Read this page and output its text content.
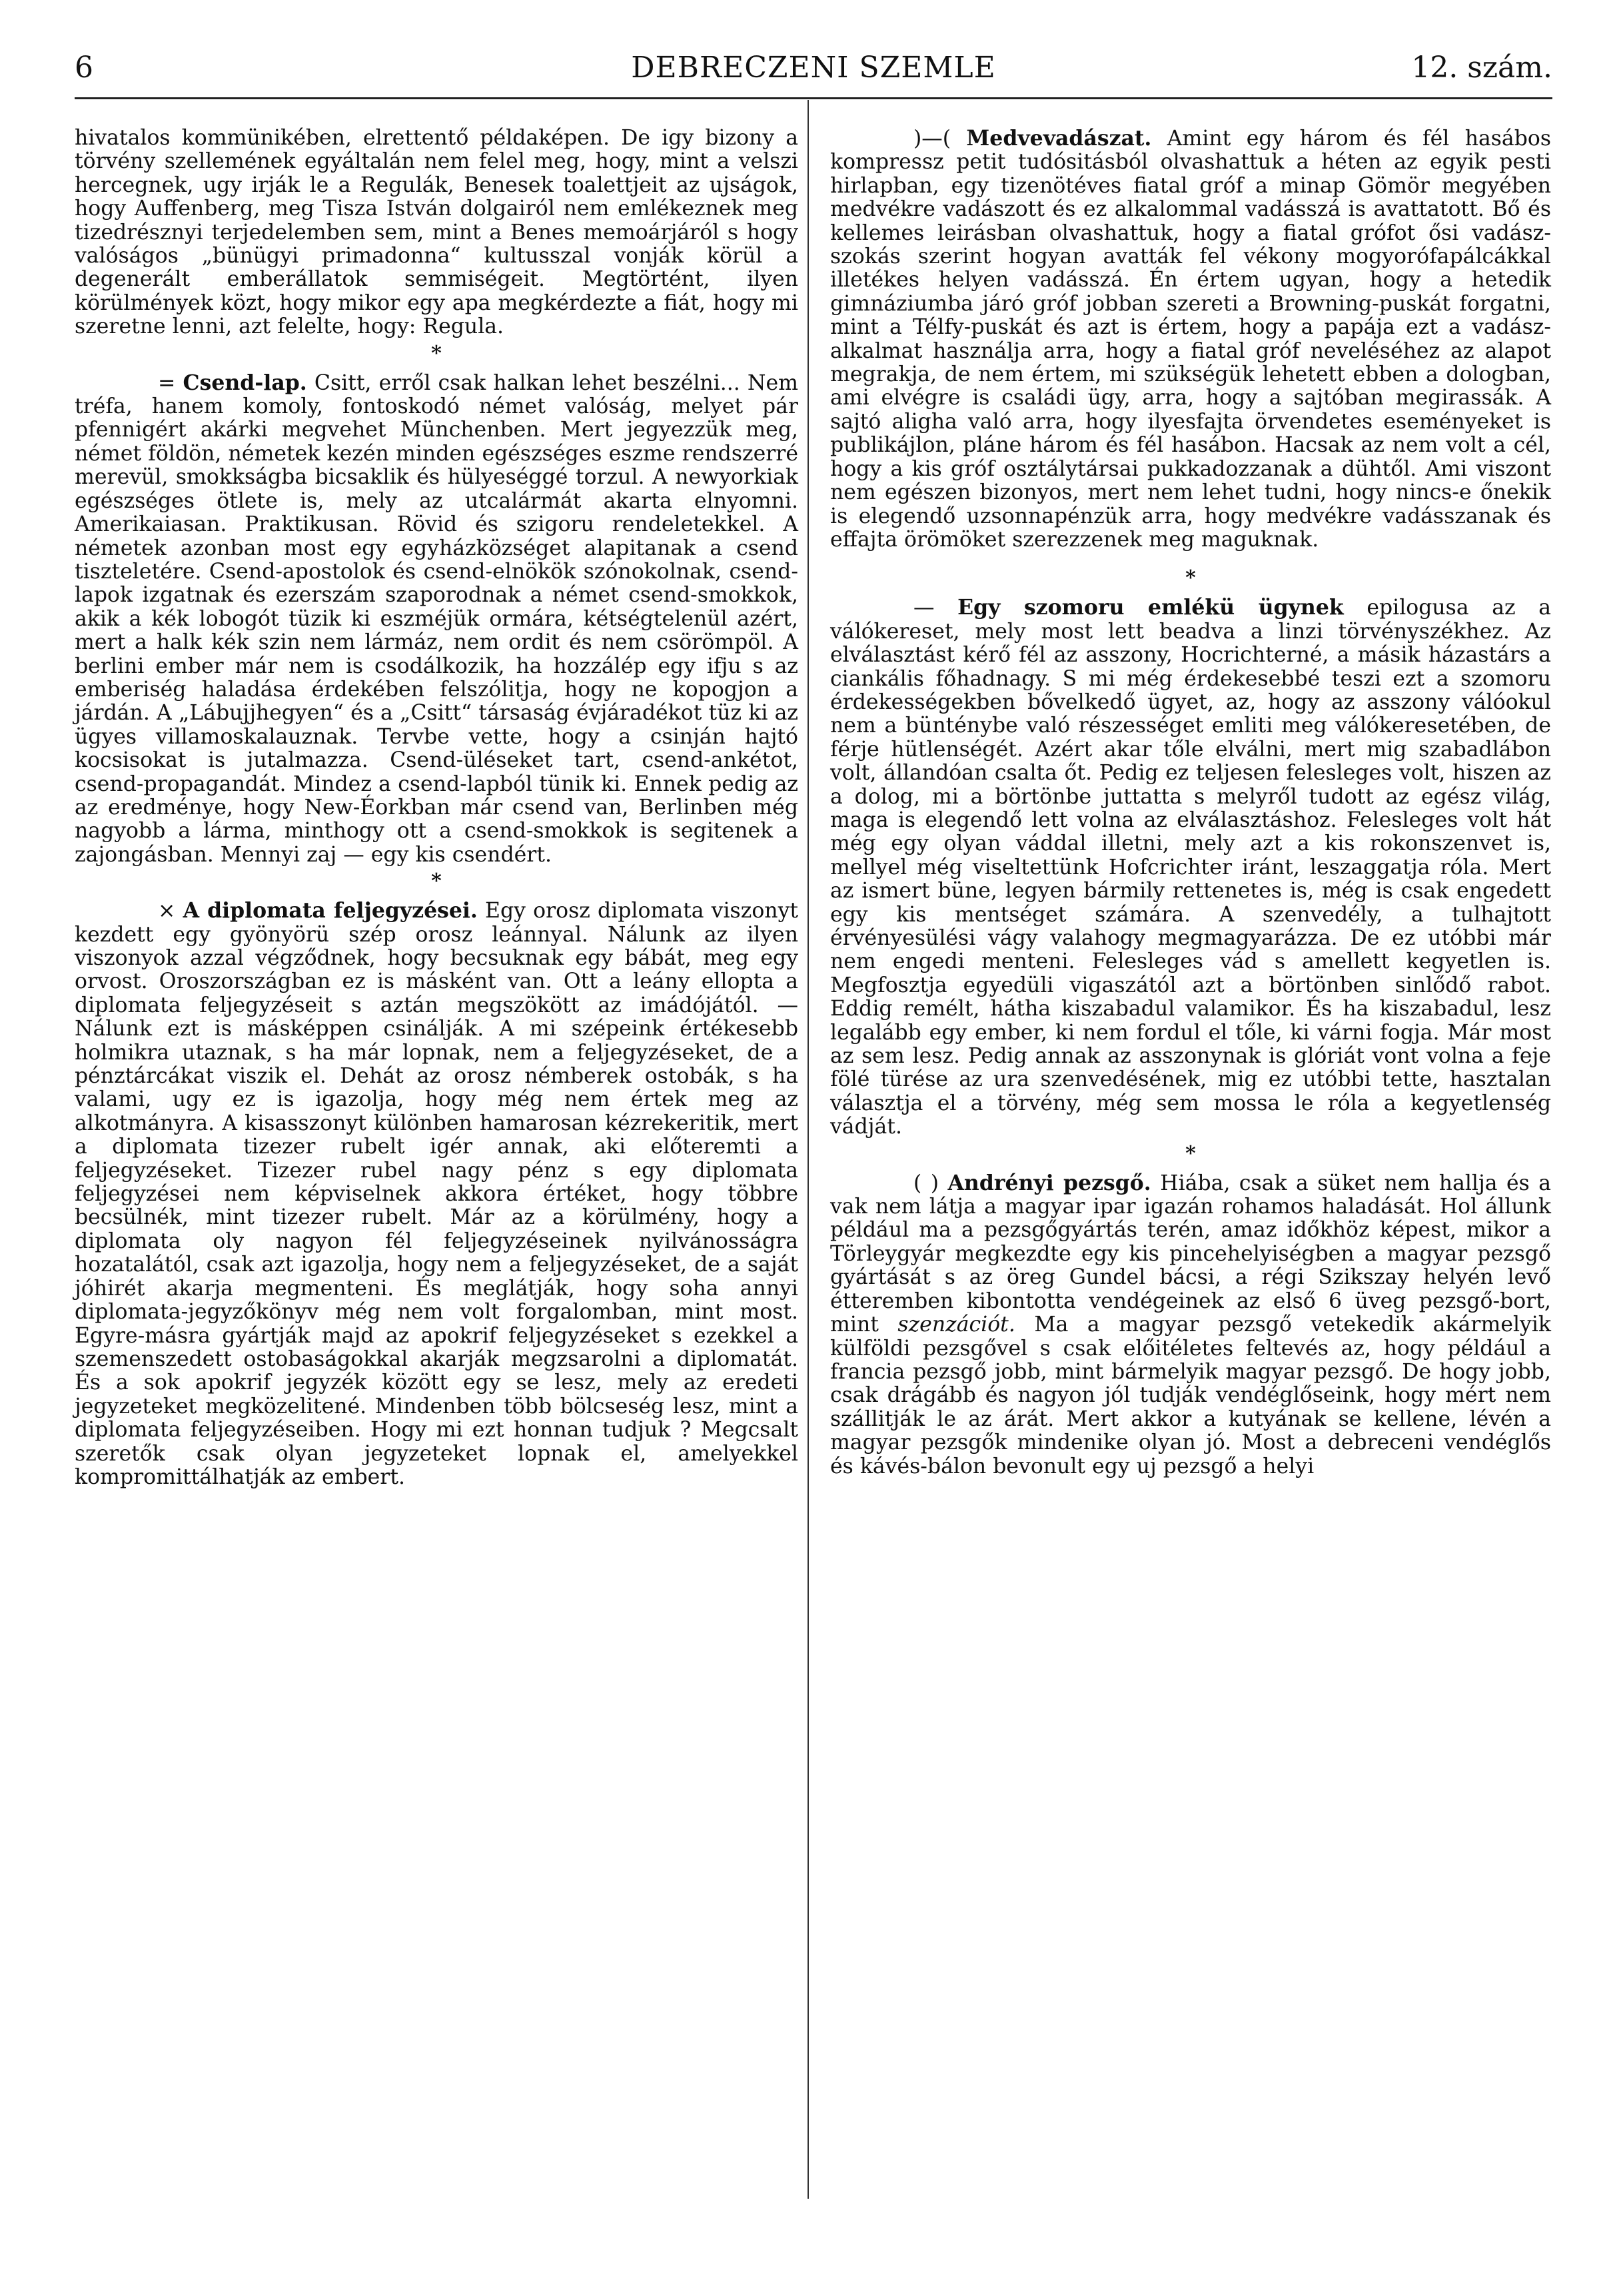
6	DEBRECZENI SZEMLE	12. szám.

hivatalos kommünikében, elrettentő példaképen. De igy bizony a törvény szellemének egyáltalán nem felel meg, hogy, mint a velszi hercegnek, ugy irják le a Regulák, Benesek toalettjeit az ujságok, hogy Auffenberg, meg Tisza István dolgairól nem emlékeznek meg tizedrésznyi terjedelemben sem, mint a Benes memoárjáról s hogy valóságos „bünügyi primadonna“ kultusszal vonják körül a degenerált emberállatok semmiségeit. Megtörtént, ilyen körülmények közt, hogy mikor egy apa megkérdezte a fiát, hogy mi szeretne lenni, azt felelte, hogy: Regula.

*

= Csend-lap. Csitt, erről csak halkan lehet beszélni... Nem tréfa, hanem komoly, fontoskodó német valóság, melyet pár pfennigért akárki megvehet Münchenben. Mert jegyezzük meg, német földön, németek kezén minden egészséges eszme rendszerré merevül, smokkságba bicsaklik és hülyeséggé torzul. A newyorkiak egészséges ötlete is, mely az utcalármát akarta elnyomni. Amerikaiasan. Praktikusan. Rövid és szigoru rendeletekkel. A németek azonban most egy egyházközséget alapitanak a csend tiszteletére. Csend-apostolok és csend-elnökök szónokolnak, csend-lapok izgatnak és ezerszám szaporodnak a német csend-smokkok, akik a kék lobogót tüzik ki eszméjük ormára, kétségtelenül azért, mert a halk kék szin nem lármáz, nem ordit és nem csörömpöl. A berlini ember már nem is csodálkozik, ha hozzálép egy ifju s az emberiség haladása érdekében felszólitja, hogy ne kopogjon a járdán. A „Lábujjhegyen“ és a „Csitt“ társaság évjáradékot tüz ki az ügyes villamoskalauznak. Tervbe vette, hogy a csinján hajtó kocsisokat is jutalmazza. Csend-üléseket tart, csend-ankétot, csend-propagandát. Mindez a csend-lapból tünik ki. Ennek pedig az az eredménye, hogy New-Éorkban már csend van, Berlinben még nagyobb a lárma, minthogy ott a csend-smokkok is segitenek a zajongásban. Mennyi zaj — egy kis csendért.

*

× A diplomata feljegyzései. Egy orosz diplomata viszonyt kezdett egy gyönyörü szép orosz leánnyal. Nálunk az ilyen viszonyok azzal végződnek, hogy becsuknak egy bábát, meg egy orvost. Oroszországban ez is másként van. Ott a leány ellopta a diplomata feljegyzéseit s aztán megszökött az imádójától. — Nálunk ezt is másképpen csinálják. A mi szépeink értékesebb holmikra utaznak, s ha már lopnak, nem a feljegyzéseket, de a pénztárcákat viszik el. Dehát az orosz némberek ostobák, s ha valami, ugy ez is igazolja, hogy még nem értek meg az alkotmányra. A kisasszonyt különben hamarosan kézrekeritik, mert a diplomata tizezer rubelt igér annak, aki előteremti a feljegyzéseket. Tizezer rubel nagy pénz s egy diplomata feljegyzései nem képviselnek akkora értéket, hogy többre becsülnék, mint tizezer rubelt. Már az a körülmény, hogy a diplomata oly nagyon fél feljegyzéseinek nyilvánosságra hozatalától, csak azt igazolja, hogy nem a feljegyzéseket, de a saját jóhirét akarja megmenteni. És meglátják, hogy soha annyi diplomata-jegyzőkönyv még nem volt forgalomban, mint most. Egyre-másra gyártják majd az apokrif feljegyzéseket s ezekkel a szemenszedett ostobaságokkal akarják megzsarolni a diplomatát. És a sok apokrif jegyzék között egy se lesz, mely az eredeti jegyzeteket megközelitené. Mindenben több bölcseség lesz, mint a diplomata feljegyzéseiben. Hogy mi ezt honnan tudjuk ? Megcsalt szeretők csak olyan jegyzeteket lopnak el, amelyekkel kompromittálhatják az embert.

)—( Medvevadászat. Amint egy három és fél hasábos kompressz petit tudósitásból olvashattuk a héten az egyik pesti hirlapban, egy tizenötéves fiatal gróf a minap Gömör megyében medvékre vadászott és ez alkalommal vadásszá is avattatott. Bő és kellemes leirásban olvashattuk, hogy a fiatal grófot ősi vadász-szokás szerint hogyan avatták fel vékony mogyorófapálcákkal illetékes helyen vadásszá. Én értem ugyan, hogy a hetedik gimnáziumba járó gróf jobban szereti a Browning-puskát forgatni, mint a Télfy-puskát és azt is értem, hogy a papája ezt a vadász-alkalmat használja arra, hogy a fiatal gróf neveléséhez az alapot megrakja, de nem értem, mi szükségük lehetett ebben a dologban, ami elvégre is családi ügy, arra, hogy a sajtóban megirassák. A sajtó aligha való arra, hogy ilyesfajta örvendetes eseményeket is publikájlon, pláne három és fél hasábon. Hacsak az nem volt a cél, hogy a kis gróf osztálytársai pukkadozzanak a dühtől. Ami viszont nem egészen bizonyos, mert nem lehet tudni, hogy nincs-e őnekik is elegendő uzsonnapénzük arra, hogy medvékre vadásszanak és effajta örömöket szerezzenek meg maguknak.

*

— Egy szomoru emlékü ügynek epilogusa az a válókereset, mely most lett beadva a linzi törvényszékhez. Az elválasztást kérő fél az asszony, Hocrichterné, a másik házastárs a ciankális főhadnagy. S mi még érdekesebbé teszi ezt a szomoru érdekességekben bővelkedő ügyet, az, hogy az asszony válóokul nem a bünténybe való részességet emliti meg válókeresetében, de férje hütlenségét. Azért akar tőle elválni, mert mig szabadlábon volt, állandóan csalta őt. Pedig ez teljesen felesleges volt, hiszen az a dolog, mi a börtönbe juttatta s melyről tudott az egész világ, maga is elegendő lett volna az elválasztáshoz. Felesleges volt hát még egy olyan váddal illetni, mely azt a kis rokonszenvet is, mellyel még viseltettünk Hofcrichter iránt, leszaggatja róla. Mert az ismert büne, legyen bármily rettenetes is, még is csak engedett egy kis mentséget számára. A szenvedély, a tulhajtott érvényesülési vágy valahogy megmagyarázza. De ez utóbbi már nem engedi menteni. Felesleges vád s amellett kegyetlen is. Megfosztja egyedüli vigaszától azt a börtönben sinlődő rabot. Eddig remélt, hátha kiszabadul valamikor. És ha kiszabadul, lesz legalább egy ember, ki nem fordul el tőle, ki várni fogja. Már most az sem lesz. Pedig annak az asszonynak is glóriát vont volna a feje fölé türése az ura szenvedésének, mig ez utóbbi tette, hasztalan választja el a törvény, még sem mossa le róla a kegyetlenség vádját.

*

( ) Andrényi pezsgő. Hiába, csak a süket nem hallja és a vak nem látja a magyar ipar igazán rohamos haladását. Hol állunk például ma a pezsgőgyártás terén, amaz időkhöz képest, mikor a Törleygyár megkezdte egy kis pincehelyiségben a magyar pezsgő gyártását s az öreg Gundel bácsi, a régi Szikszay helyén levő étteremben kibontotta vendégeinek az első 6 üveg pezsgő-bort, mint szenzációt. Ma a magyar pezsgő vetekedik akármelyik külföldi pezsgővel s csak előitéletes feltevés az, hogy például a francia pezsgő jobb, mint bármelyik magyar pezsgő. De hogy jobb, csak drágább és nagyon jól tudják vendéglőseink, hogy mért nem szállitják le az árát. Mert akkor a kutyának se kellene, lévén a magyar pezsgők mindenike olyan jó. Most a debreceni vendéglős és kávés-bálon bevonult egy uj pezsgő a helyi
